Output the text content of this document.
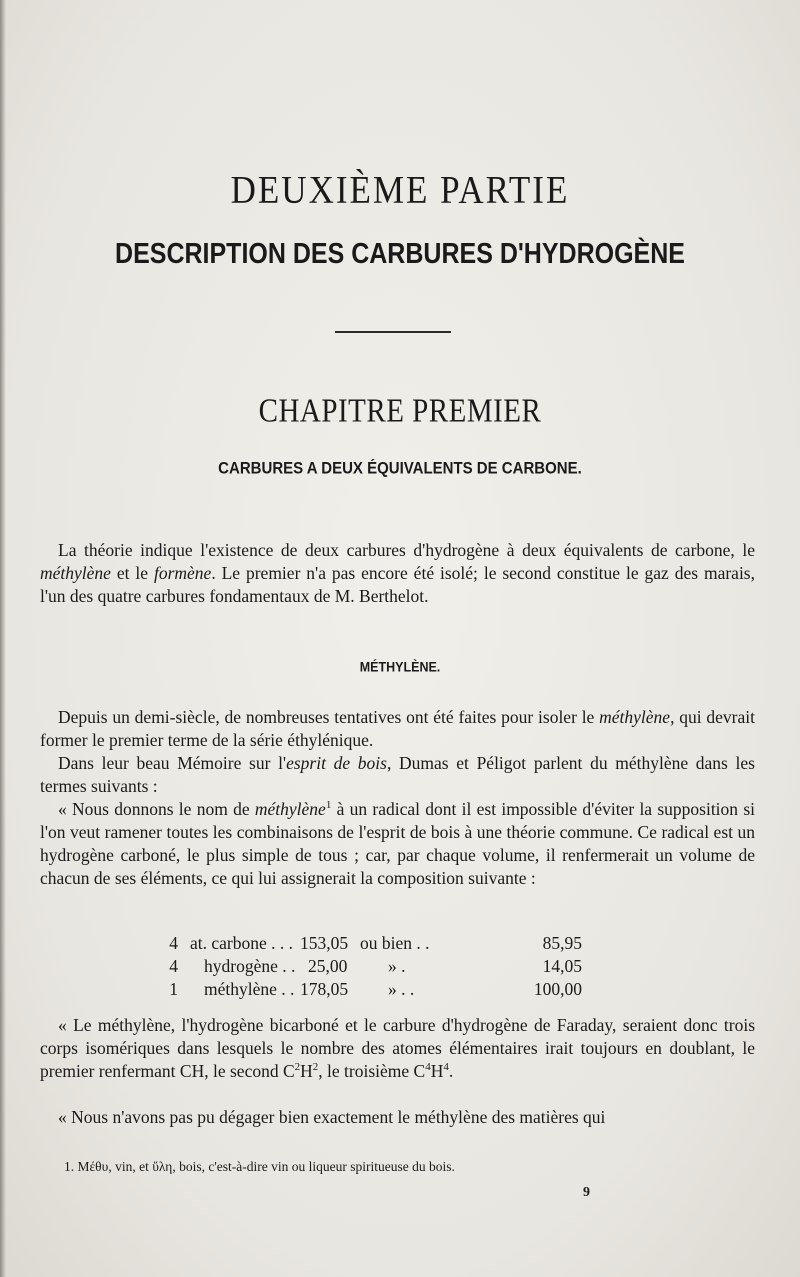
DEUXIÈME PARTIE
DESCRIPTION DES CARBURES D'HYDROGÈNE
CHAPITRE PREMIER
CARBURES A DEUX ÉQUIVALENTS DE CARBONE.

La théorie indique l'existence de deux carbures d'hydrogène à deux équivalents de carbone, le méthylène et le formène. Le premier n'a pas encore été isolé; le second constitue le gaz des marais, l'un des quatre carbures fondamentaux de M. Berthelot.

MÉTHYLÈNE.

Depuis un demi-siècle, de nombreuses tentatives ont été faites pour isoler le méthylène, qui devrait former le premier terme de la série éthylénique.

Dans leur beau Mémoire sur l'esprit de bois, Dumas et Péligot parlent du méthylène dans les termes suivants :

« Nous donnons le nom de méthylène$^1$ à un radical dont il est impossible d'éviter la supposition si l'on veut ramener toutes les combinaisons de l'esprit de bois à une théorie commune. Ce radical est un hydrogène carboné, le plus simple de tous ; car, par chaque volume, il renfermerait un volume de chacun de ses éléments, ce qui lui assignerait la composition suivante :

4 at. carbone . . . 153,05 ou bien . .	85,95
4 hydrogène . . 25,00	» .	14,05
1 méthylène . . 178,05	» . .	100,00

« Le méthylène, l'hydrogène bicarboné et le carbure d'hydrogène de Faraday, seraient donc trois corps isomériques dans lesquels le nombre des atomes élémentaires irait toujours en doublant, le premier renfermant CH, le second $C^2H^2$, le troisième $C^4H^4$.

« Nous n'avons pas pu dégager bien exactement le méthylène des matières qui

1. Μέθυ, vin, et ὕλη, bois, c'est-à-dire vin ou liqueur spiritueuse du bois.
9
